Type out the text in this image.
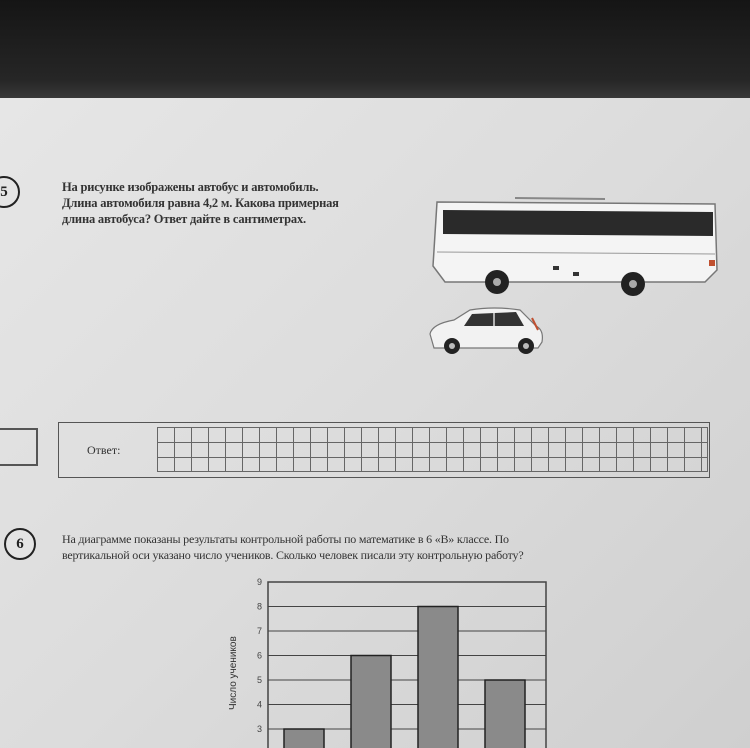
5	На рисунке изображены автобус и автомобиль.
Длина автомобиля равна 4,2 м. Какова примерная
длина автобуса? Ответ дайте в сантиметрах.
Ответ:
6	На диаграмме показаны результаты контрольной работы по математике в 6 «В» классе. По
вертикальной оси указано число учеников. Сколько человек писали эту контрольную работу?
3
4
5
6
7
8
9
Число учеников
